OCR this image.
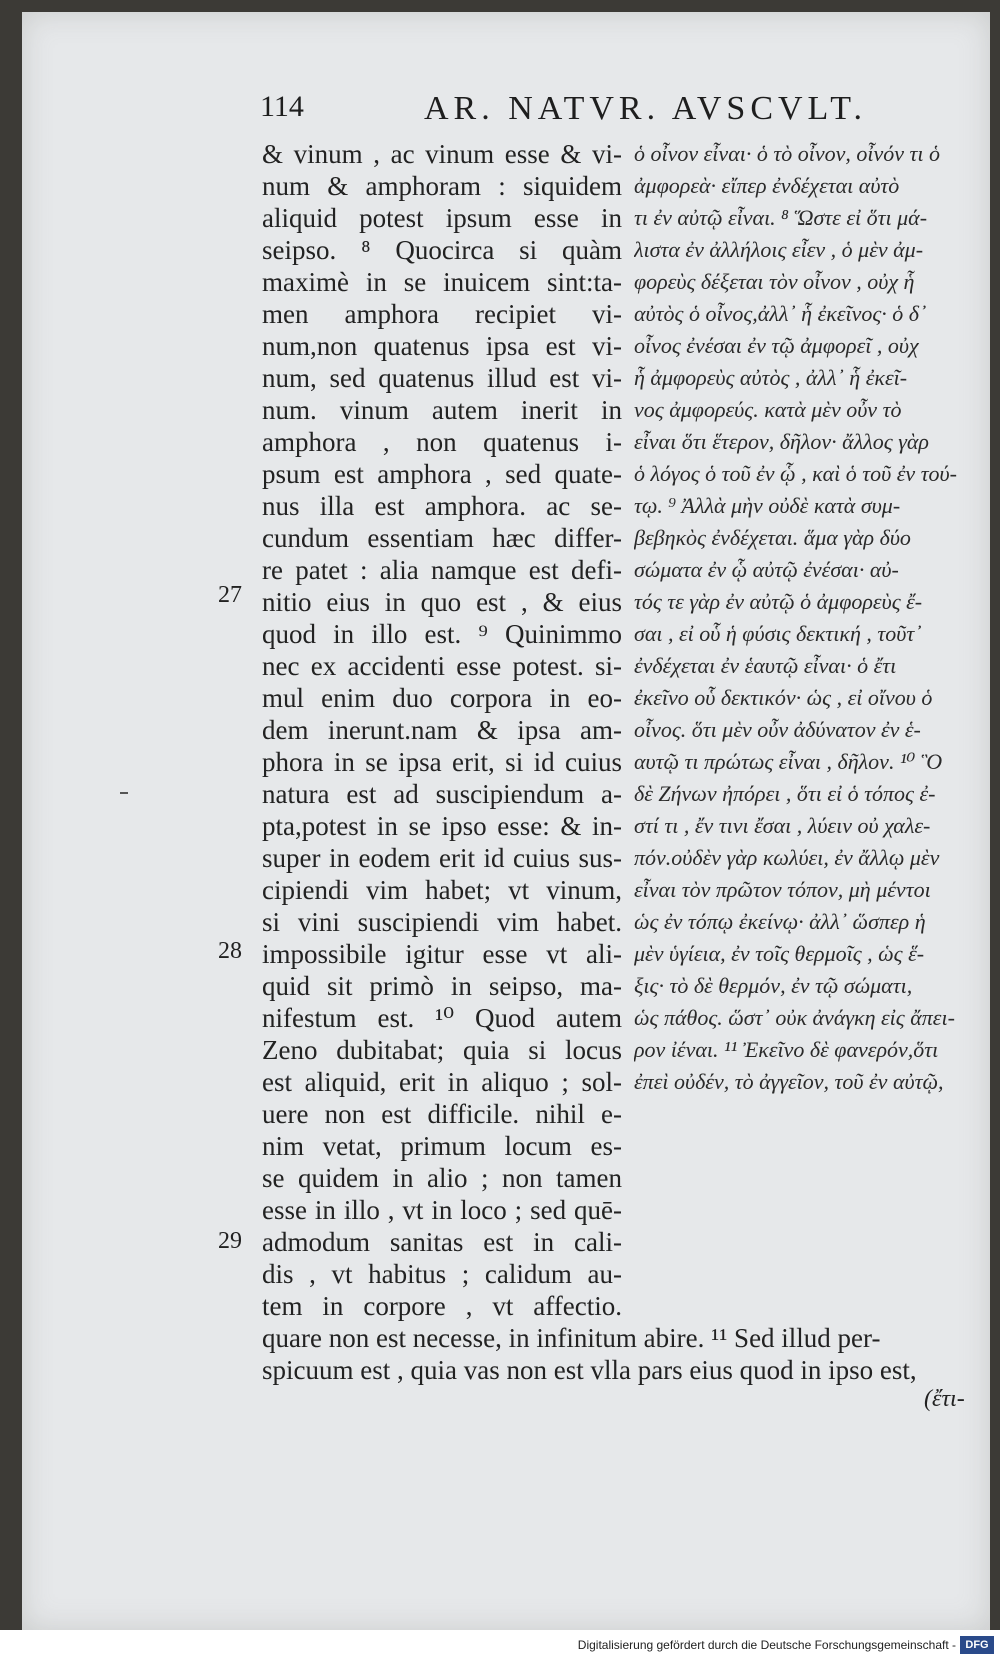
114	AR. NATVR. AVSCVLT.
& vinum , ac vinum esse & vi-
num & amphoram : siquidem
aliquid potest ipsum esse in
seipso. ⁸ Quocirca si quàm
maximè in se inuicem sint:ta-
men amphora recipiet vi-
num,non quatenus ipsa est vi-
num, sed quatenus illud est vi-
num. vinum autem inerit in
amphora , non quatenus i-
psum est amphora , sed quate-
nus illa est amphora. ac se-
cundum essentiam hæc differ-
re patet : alia namque est defi-
nitio eius in quo est , & eius
quod in illo est. ⁹ Quinimmo
nec ex accidenti esse potest. si-
mul enim duo corpora in eo-
dem inerunt.nam & ipsa am-
phora in se ipsa erit, si id cuius
natura est ad suscipiendum a-
pta,potest in se ipso esse: & in-
super in eodem erit id cuius sus-
cipiendi vim habet; vt vinum,
si vini suscipiendi vim habet.
impossibile igitur esse vt ali-
quid sit primò in seipso, ma-
nifestum est. ¹⁰ Quod autem
Zeno dubitabat; quia si locus
est aliquid, erit in aliquo ; sol-
uere non est difficile. nihil e-
nim vetat, primum locum es-
se quidem in alio ; non tamen
esse in illo , vt in loco ; sed quē-
admodum sanitas est in cali-
dis , vt habitus ; calidum au-
tem in corpore , vt affectio.
ὁ οἶνον εἶναι· ὁ τὸ οἶνον, οἶνόν τι ὁ
ἀμφορεὰ· εἴπερ ἐνδέχεται αὐτὸ
τι ἐν αὐτῷ εἶναι. ⁸ Ὥστε εἰ ὅτι μά-
λιστα ἐν ἀλλήλοις εἶεν , ὁ μὲν ἀμ-
φορεὺς δέξεται τὸν οἶνον , οὐχ ἧ
αὐτὸς ὁ οἶνος,ἀλλ᾽ ἧ ἐκεῖνος· ὁ δ᾽
οἶνος ἐνέσαι ἐν τῷ ἀμφορεῖ , οὐχ
ἧ ἀμφορεὺς αὐτὸς , ἀλλ᾽ ἧ ἐκεῖ-
νος ἀμφορεύς. κατὰ μὲν οὖν τὸ
εἶναι ὅτι ἕτερον, δῆλον· ἄλλος γὰρ
ὁ λόγος ὁ τοῦ ἐν ᾧ , καὶ ὁ τοῦ ἐν τού-
τῳ. ⁹ Ἀλλὰ μὴν οὐδὲ κατὰ συμ-
βεβηκὸς ἐνδέχεται. ἅμα γὰρ δύο
σώματα ἐν ᾧ αὐτῷ ἐνέσαι· αὐ-
τός τε γὰρ ἐν αὐτῷ ὁ ἀμφορεὺς ἔ-
σαι , εἰ οὗ ἡ φύσις δεκτική , τοῦτ᾽
ἐνδέχεται ἐν ἑαυτῷ εἶναι· ὁ ἔτι
ἐκεῖνο οὗ δεκτικόν· ὡς , εἰ οἴνου ὁ
οἶνος. ὅτι μὲν οὖν ἀδύνατον ἐν ἑ-
αυτῷ τι πρώτως εἶναι , δῆλον. ¹⁰ Ὃ
δὲ Ζήνων ἠπόρει , ὅτι εἰ ὁ τόπος ἐ-
στί τι , ἔν τινι ἔσαι , λύειν οὐ χαλε-
πόν.οὐδὲν γὰρ κωλύει, ἐν ἄλλῳ μὲν
εἶναι τὸν πρῶτον τόπον, μὴ μέντοι
ὡς ἐν τόπῳ ἐκείνῳ· ἀλλ᾽ ὥσπερ ἡ
μὲν ὑγίεια, ἐν τοῖς θερμοῖς , ὡς ἕ-
ξις· τὸ δὲ θερμόν, ἐν τῷ σώματι,
ὡς πάθος. ὥστ᾽ οὐκ ἀνάγκη εἰς ἄπει-
ρον ἰέναι. ¹¹ Ἐκεῖνο δὲ φανερόν,ὅτι
ἐπεὶ οὐδέν, τὸ ἀγγεῖον, τοῦ ἐν αὐτῷ,
27
28
29
quare non est necesse, in infinitum abire. ¹¹ Sed illud per-
spicuum est , quia vas non est vlla pars eius quod in ipso est,
(ἔτι-
Digitalisierung gefördert durch die Deutsche Forschungsgemeinschaft - DFG
